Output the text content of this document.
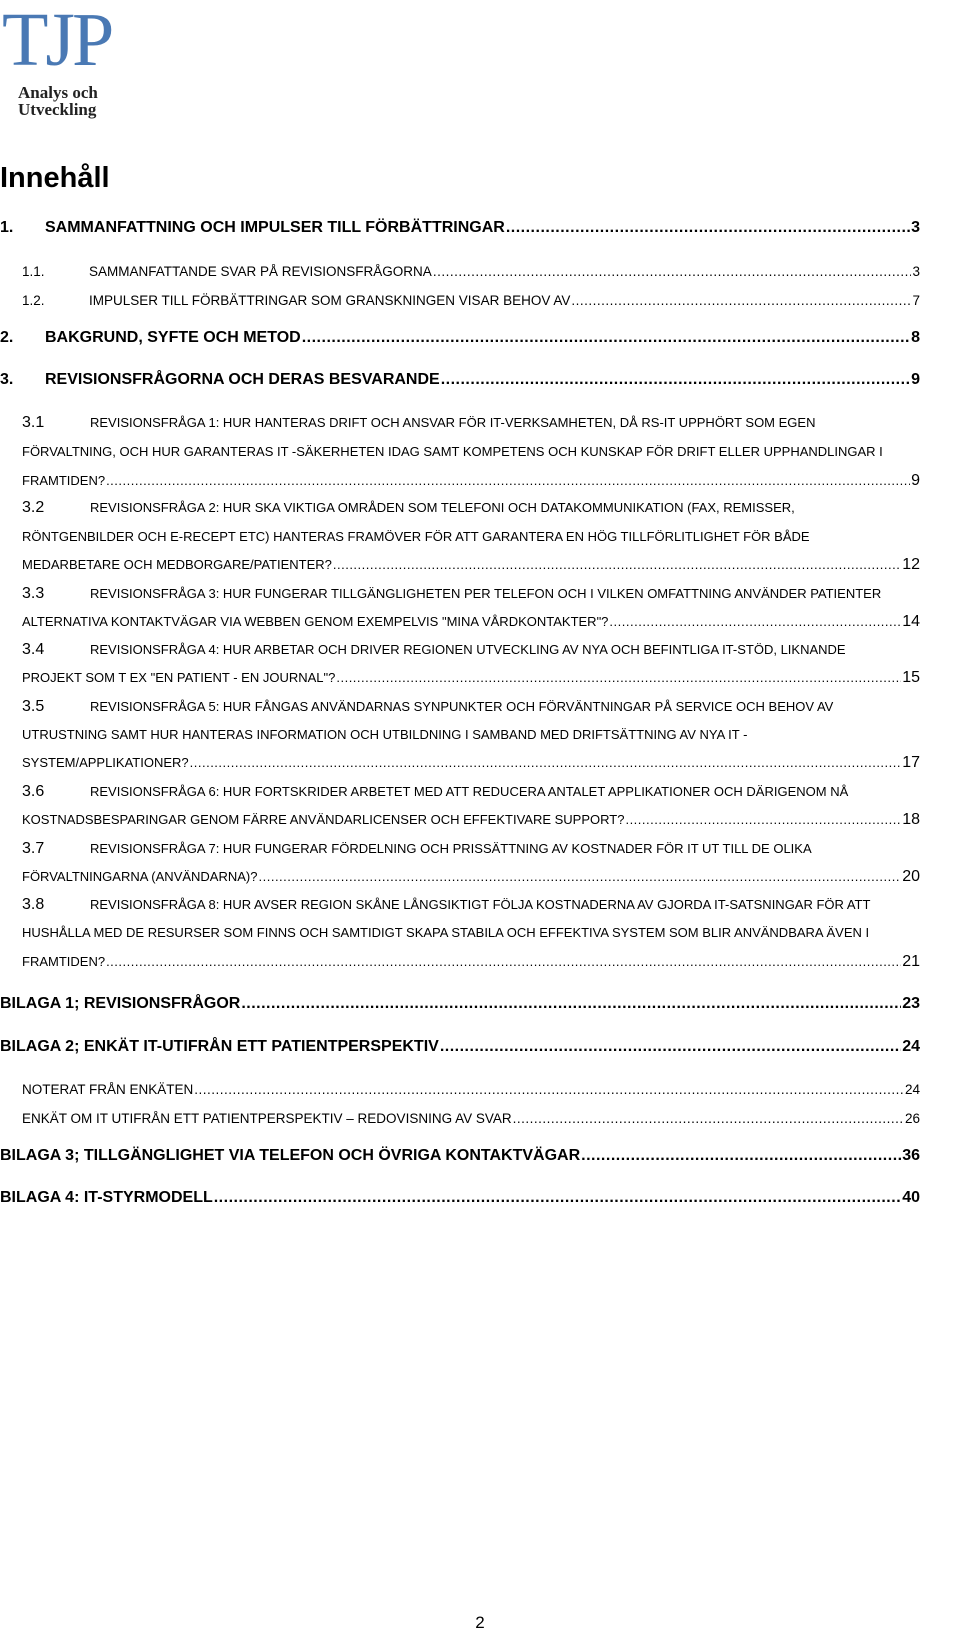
TJP
Analys och
Utveckling
Innehåll
1.	SAMMANFATTNING OCH IMPULSER TILL FÖRBÄTTRINGAR .....	3
1.1.	SAMMANFATTANDE SVAR PÅ REVISIONSFRÅGORNA .....	3
1.2.	IMPULSER TILL FÖRBÄTTRINGAR SOM GRANSKNINGEN VISAR BEHOV AV .....	7
2.	BAKGRUND, SYFTE OCH METOD .....	8
3.	REVISIONSFRÅGORNA OCH DERAS BESVARANDE .....	9
3.1	REVISIONSFRÅGA 1: HUR HANTERAS DRIFT OCH ANSVAR FÖR IT-VERKSAMHETEN, DÅ RS-IT UPPHÖRT SOM EGEN
FÖRVALTNING, OCH HUR GARANTERAS IT -SÄKERHETEN IDAG SAMT KOMPETENS OCH KUNSKAP FÖR DRIFT ELLER UPPHANDLINGAR I
FRAMTIDEN? .....	9
3.2	REVISIONSFRÅGA 2: HUR SKA VIKTIGA OMRÅDEN SOM TELEFONI OCH DATAKOMMUNIKATION (FAX, REMISSER,
RÖNTGENBILDER OCH E-RECEPT ETC) HANTERAS FRAMÖVER FÖR ATT GARANTERA EN HÖG TILLFÖRLITLIGHET FÖR BÅDE
MEDARBETARE OCH MEDBORGARE/PATIENTER? .....	12
3.3	REVISIONSFRÅGA 3: HUR FUNGERAR TILLGÄNGLIGHETEN PER TELEFON OCH I VILKEN OMFATTNING ANVÄNDER PATIENTER
ALTERNATIVA KONTAKTVÄGAR VIA WEBBEN GENOM EXEMPELVIS "MINA VÅRDKONTAKTER"? .....	14
3.4	REVISIONSFRÅGA 4: HUR ARBETAR OCH DRIVER REGIONEN UTVECKLING AV NYA OCH BEFINTLIGA IT-STÖD, LIKNANDE
PROJEKT SOM T EX "EN PATIENT - EN JOURNAL"? .....	15
3.5	REVISIONSFRÅGA 5: HUR FÅNGAS ANVÄNDARNAS SYNPUNKTER OCH FÖRVÄNTNINGAR PÅ SERVICE OCH BEHOV AV
UTRUSTNING SAMT HUR HANTERAS INFORMATION OCH UTBILDNING I SAMBAND MED DRIFTSÄTTNING AV NYA IT -
SYSTEM/APPLIKATIONER? .....	17
3.6	REVISIONSFRÅGA 6: HUR FORTSKRIDER ARBETET MED ATT REDUCERA ANTALET APPLIKATIONER OCH DÄRIGENOM NÅ
KOSTNADSBESPARINGAR GENOM FÄRRE ANVÄNDARLICENSER OCH EFFEKTIVARE SUPPORT? .....	18
3.7	REVISIONSFRÅGA 7: HUR FUNGERAR FÖRDELNING OCH PRISSÄTTNING AV KOSTNADER FÖR IT UT TILL DE OLIKA
FÖRVALTNINGARNA (ANVÄNDARNA)? .....	20
3.8	REVISIONSFRÅGA 8: HUR AVSER REGION SKÅNE LÅNGSIKTIGT FÖLJA KOSTNADERNA AV GJORDA IT-SATSNINGAR FÖR ATT
HUSHÅLLA MED DE RESURSER SOM FINNS OCH SAMTIDIGT SKAPA STABILA OCH EFFEKTIVA SYSTEM SOM BLIR ANVÄNDBARA ÄVEN I
FRAMTIDEN? .....	21
BILAGA 1; REVISIONSFRÅGOR .....	23
BILAGA 2; ENKÄT IT-UTIFRÅN ETT PATIENTPERSPEKTIV .....	24
NOTERAT FRÅN ENKÄTEN .....	24
ENKÄT OM IT UTIFRÅN ETT PATIENTPERSPEKTIV – REDOVISNING AV SVAR .....	26
BILAGA 3; TILLGÄNGLIGHET VIA TELEFON OCH ÖVRIGA KONTAKTVÄGAR .....	36
BILAGA 4: IT-STYRMODELL .....	40
2
